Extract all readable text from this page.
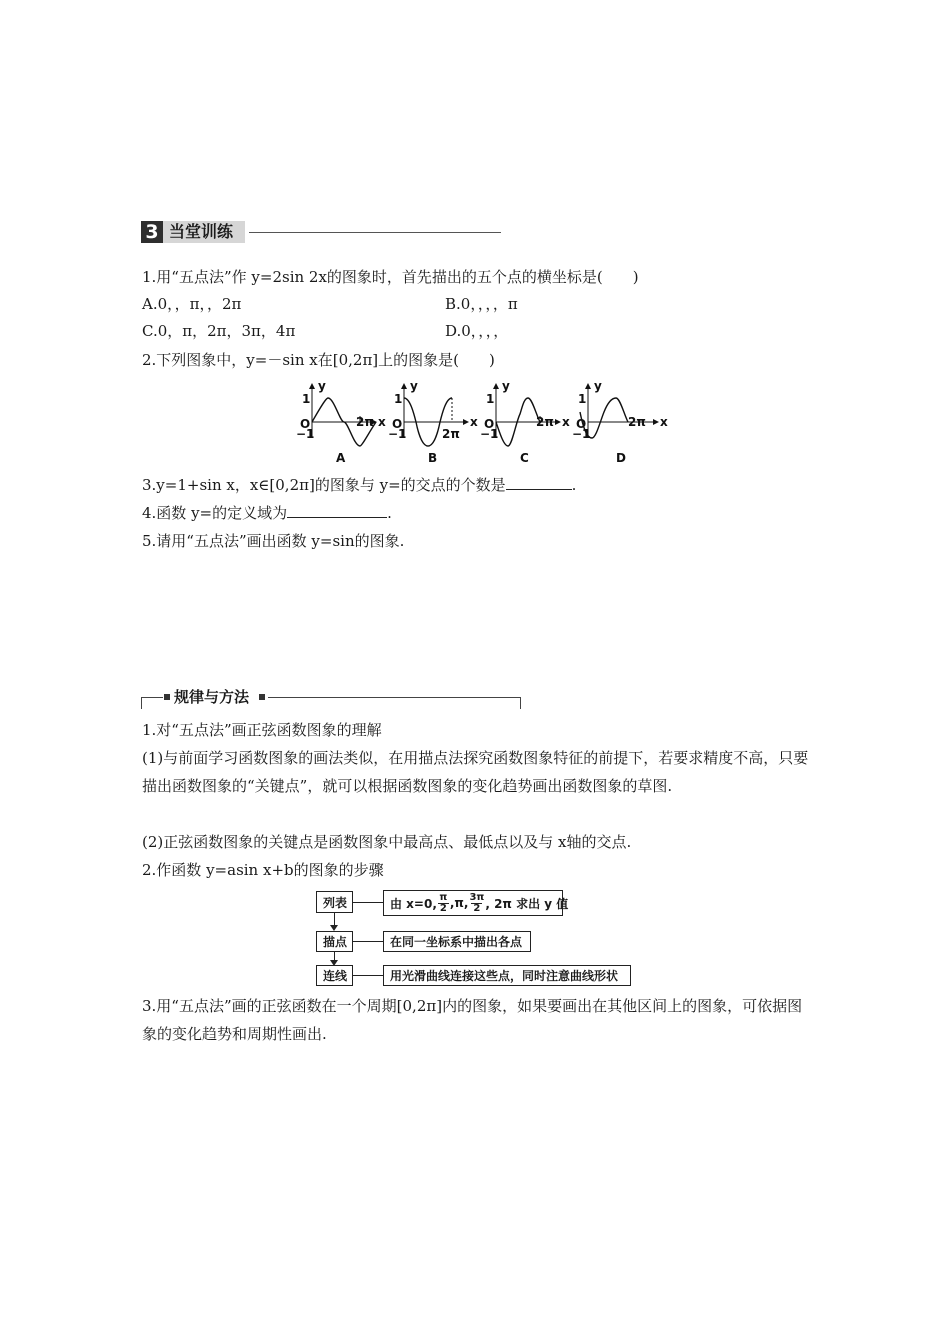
3 当堂训练
1.用“五点法”作 y=2sin 2x的图象时，首先描出的五个点的横坐标是(　　)
A.0，，π，，2π	B.0，，，，π
C.0，π，2π，3π，4π	D.0，，，，
2.下列图象中，y=－sin x在[0,2π]上的图象是(　　)
y
x
1
O
−1
2π
A
y
x
1
O
−1	2π
B
y
x
1
O
−1
2π
C
y
x
1
O
−1
2π
D
3.y=1+sin x，x∈[0,2π]的图象与 y=的交点的个数是	.
4.函数 y=的定义域为	.
5.请用“五点法”画出函数 y=sin的图象.
规律与方法
1.对“五点法”画正弦函数图象的理解
(1)与前面学习函数图象的画法类似，在用描点法探究函数图象特征的前提下，若要求精度不高，只要描出函数图象的“关键点”，就可以根据函数图象的变化趋势画出函数图象的草图.
(2)正弦函数图象的关键点是函数图象中最高点、最低点以及与 x轴的交点.
2.作函数 y=asin x+b的图象的步骤
列表	由 x=0, π
2 ,π, 3π
2 , 2π 求出 y 值
描点	在同一坐标系中描出各点
连线	用光滑曲线连接这些点，同时注意曲线形状
3.用“五点法”画的正弦函数在一个周期[0,2π]内的图象，如果要画出在其他区间上的图象，可依据图象的变化趋势和周期性画出.
